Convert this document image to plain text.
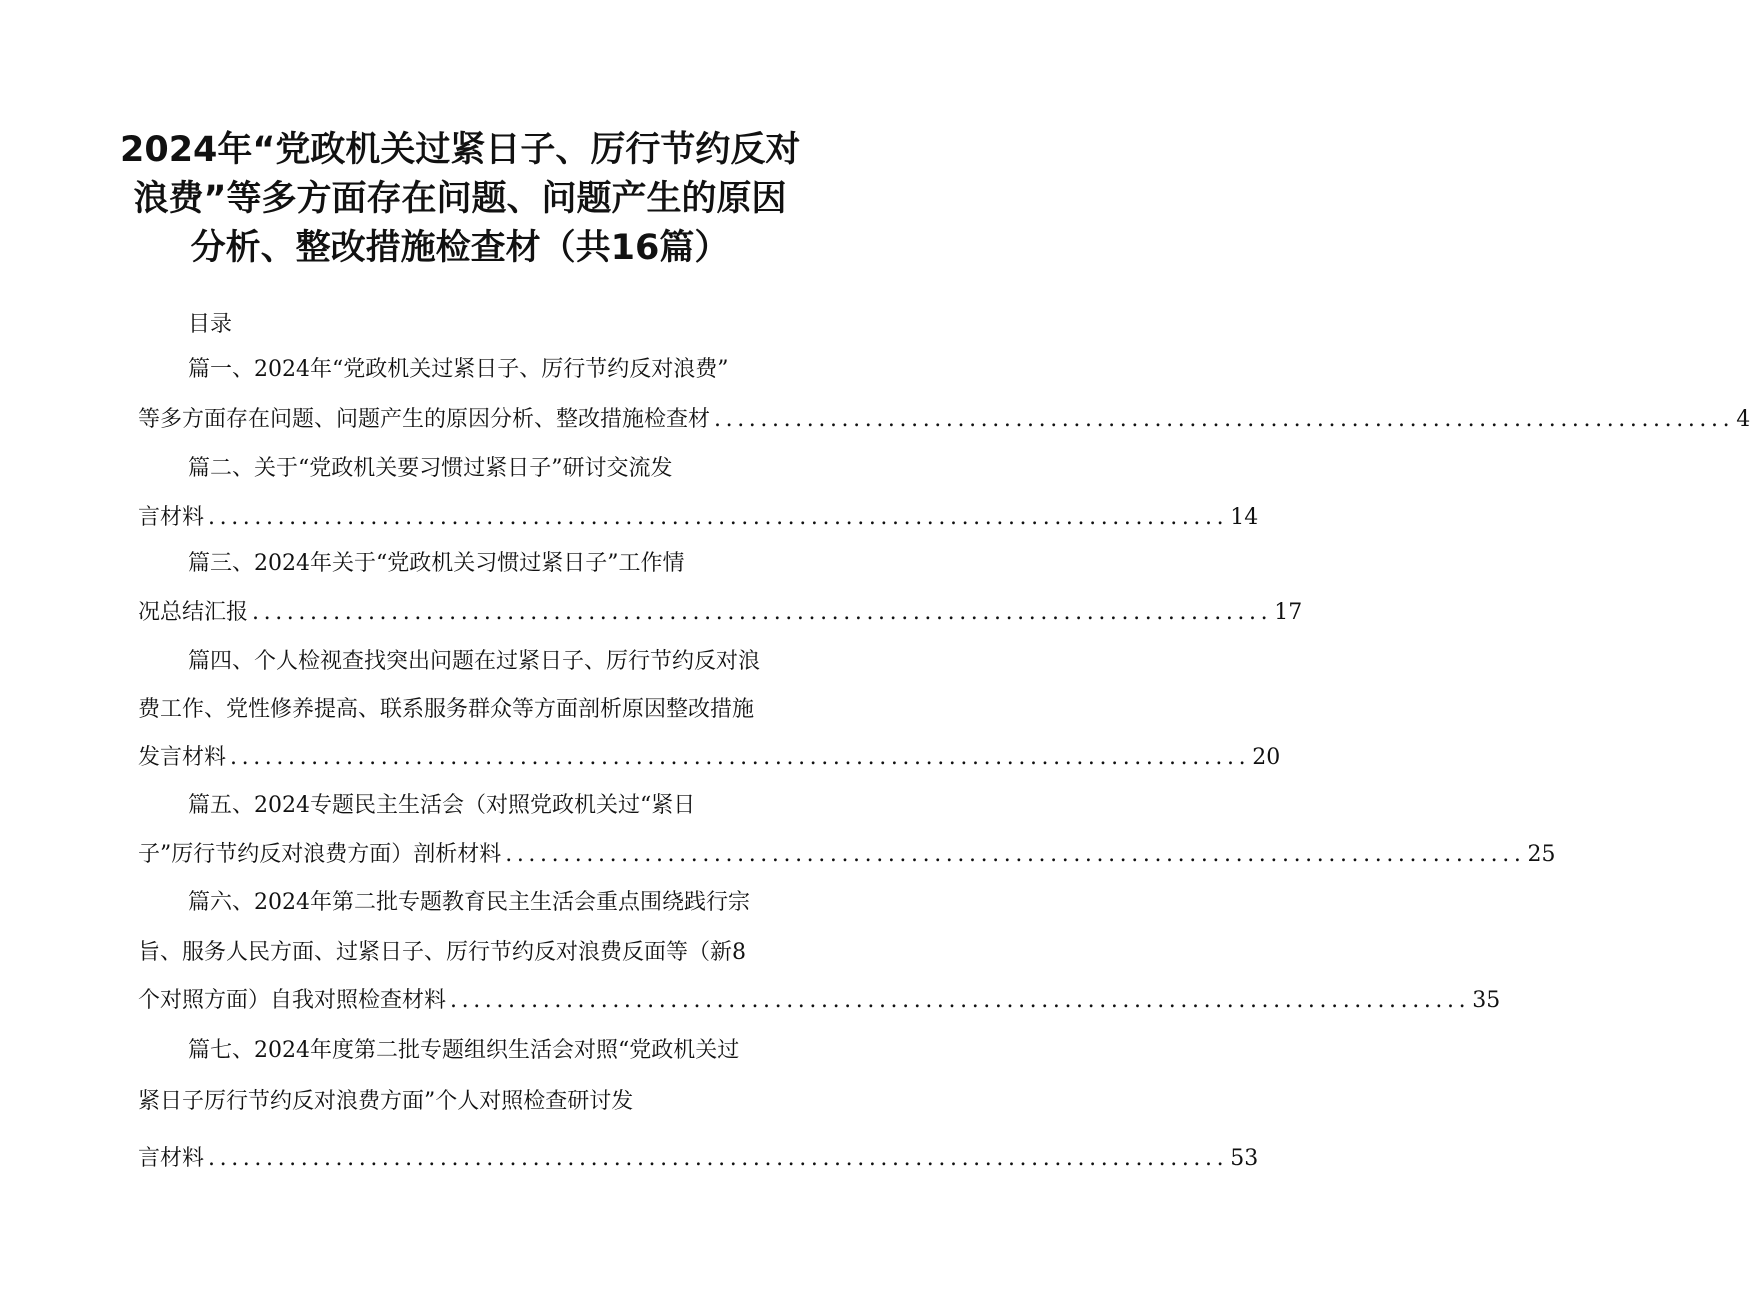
2024年“党政机关过紧日子、厉行节约反对
浪费”等多方面存在问题、问题产生的原因
分析、整改措施检查材（共16篇）
目录
篇一、2024年“党政机关过紧日子、厉行节约反对浪费”
等多方面存在问题、问题产生的原因分析、整改措施检查材 ........................................................................................ 4
篇二、关于“党政机关要习惯过紧日子”研讨交流发
言材料 ........................................................................................ 14
篇三、2024年关于“党政机关习惯过紧日子”工作情
况总结汇报 ........................................................................................ 17
篇四、个人检视查找突出问题在过紧日子、厉行节约反对浪
费工作、党性修养提高、联系服务群众等方面剖析原因整改措施
发言材料 ........................................................................................ 20
篇五、2024专题民主生活会（对照党政机关过“紧日
子”厉行节约反对浪费方面）剖析材料 ........................................................................................ 25
篇六、2024年第二批专题教育民主生活会重点围绕践行宗
旨、服务人民方面、过紧日子、厉行节约反对浪费反面等（新8
个对照方面）自我对照检查材料 ........................................................................................ 35
篇七、2024年度第二批专题组织生活会对照“党政机关过
紧日子厉行节约反对浪费方面”个人对照检查研讨发
言材料 ........................................................................................ 53
